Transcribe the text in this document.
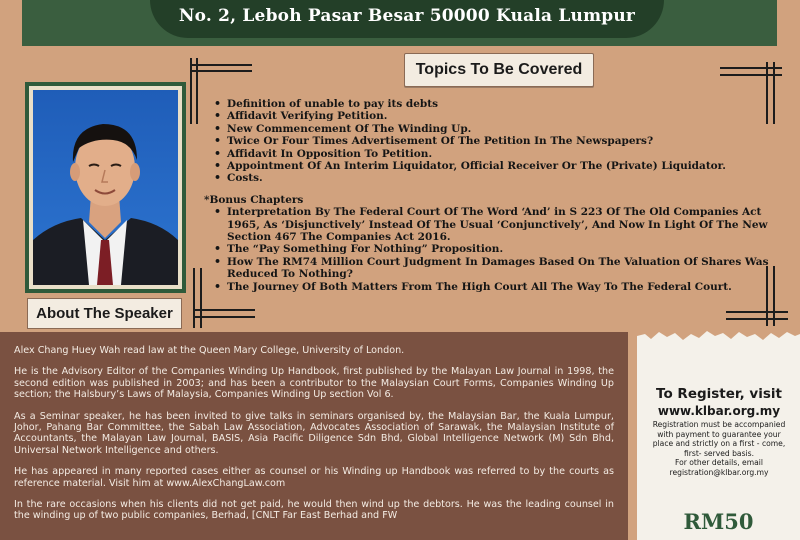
No. 2, Leboh Pasar Besar 50000 Kuala Lumpur
Topics To Be Covered
About The Speaker
• Definition of unable to pay its debts
• Affidavit Verifying Petition.
• New Commencement Of The Winding Up.
• Twice Or Four Times Advertisement Of The Petition In The Newspapers?
• Affidavit In Opposition To Petition.
• Appointment Of An Interim Liquidator, Official Receiver Or The (Private) Liquidator.
• Costs.
*Bonus Chapters
• Interpretation By The Federal Court Of The Word ‘And’ in S 223 Of The Old Companies Act 1965, As ‘Disjunctively’ Instead Of The Usual ‘Conjunctively’, And Now In Light Of The New Section 467 The Companies Act 2016.
• The “Pay Something For Nothing” Proposition.
• How The RM74 Million Court Judgment In Damages Based On The Valuation Of Shares Was Reduced To Nothing?
• The Journey Of Both Matters From The High Court All The Way To The Federal Court.

Alex Chang Huey Wah read law at the Queen Mary College, University of London.

He is the Advisory Editor of the Companies Winding Up Handbook, first published by the Malayan Law Journal in 1998, the second edition was published in 2003; and has been a contributor to the Malaysian Court Forms, Companies Winding Up section; the Halsbury’s Laws of Malaysia, Companies Winding Up section Vol 6.

As a Seminar speaker, he has been invited to give talks in seminars organised by, the Malaysian Bar, the Kuala Lumpur, Johor, Pahang Bar Committee, the Sabah Law Association, Advocates Association of Sarawak, the Malaysian Institute of Accountants, the Malayan Law Journal, BASIS, Asia Pacific Diligence Sdn Bhd, Global Intelligence Network (M) Sdn Bhd, Universal Network Intelligence and others.

He has appeared in many reported cases either as counsel or his Winding up Handbook was referred to by the courts as reference material. Visit him at www.AlexChangLaw.com

In the rare occasions when his clients did not get paid, he would then wind up the debtors. He was the leading counsel in the winding up of two public companies, Berhad, [CNLT Far East Berhad and FW

To Register, visit
www.klbar.org.my
Registration must be accompanied
with payment to guarantee your
place and strictly on a first - come,
first- served basis.
For other details, email
registration@klbar.org.my
RM50
